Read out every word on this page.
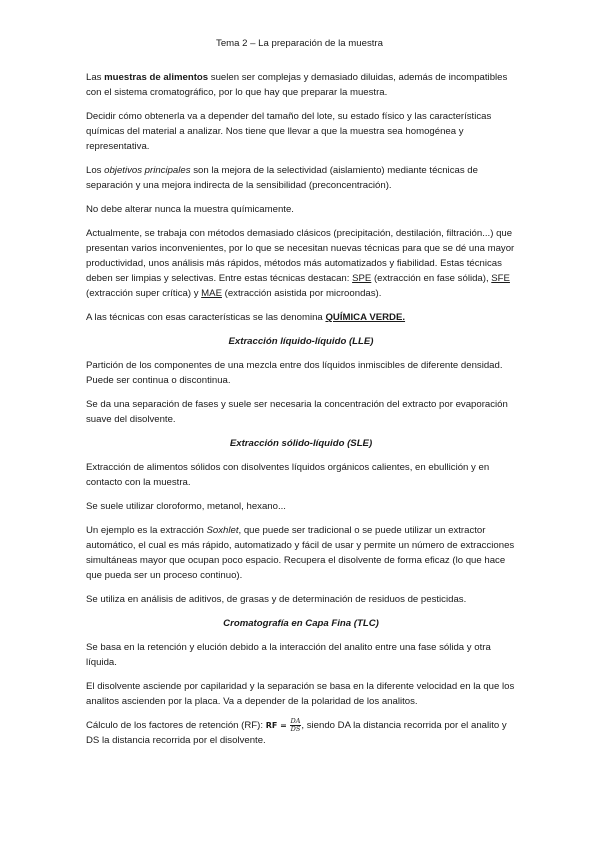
Tema 2 – La preparación de la muestra

Las muestras de alimentos suelen ser complejas y demasiado diluidas, además de incompatibles con el sistema cromatográfico, por lo que hay que preparar la muestra.

Decidir cómo obtenerla va a depender del tamaño del lote, su estado físico y las características químicas del material a analizar. Nos tiene que llevar a que la muestra sea homogénea y representativa.

Los objetivos principales son la mejora de la selectividad (aislamiento) mediante técnicas de separación y una mejora indirecta de la sensibilidad (preconcentración).

No debe alterar nunca la muestra químicamente.

Actualmente, se trabaja con métodos demasiado clásicos (precipitación, destilación, filtración...) que presentan varios inconvenientes, por lo que se necesitan nuevas técnicas para que se dé una mayor productividad, unos análisis más rápidos, métodos más automatizados y fiabilidad. Estas técnicas deben ser limpias y selectivas. Entre estas técnicas destacan: SPE (extracción en fase sólida), SFE (extracción super crítica) y MAE (extracción asistida por microondas).

A las técnicas con esas características se las denomina QUÍMICA VERDE.

Extracción líquido-líquido (LLE)

Partición de los componentes de una mezcla entre dos líquidos inmiscibles de diferente densidad. Puede ser continua o discontinua.

Se da una separación de fases y suele ser necesaria la concentración del extracto por evaporación suave del disolvente.

Extracción sólido-líquido (SLE)

Extracción de alimentos sólidos con disolventes líquidos orgánicos calientes, en ebullición y en contacto con la muestra.

Se suele utilizar cloroformo, metanol, hexano...

Un ejemplo es la extracción Soxhlet, que puede ser tradicional o se puede utilizar un extractor automático, el cual es más rápido, automatizado y fácil de usar y permite un número de extracciones simultáneas mayor que ocupan poco espacio. Recupera el disolvente de forma eficaz (lo que hace que pueda ser un proceso continuo).

Se utiliza en análisis de aditivos, de grasas y de determinación de residuos de pesticidas.

Cromatografía en Capa Fina (TLC)

Se basa en la retención y elución debido a la interacción del analito entre una fase sólida y otra líquida.

El disolvente asciende por capilaridad y la separación se basa en la diferente velocidad en la que los analitos ascienden por la placa. Va a depender de la polaridad de los analitos.

Cálculo de los factores de retención (RF): RF = $\frac{DA}{DS}$ , siendo DA la distancia recorrida por el analito y DS la distancia recorrida por el disolvente.
